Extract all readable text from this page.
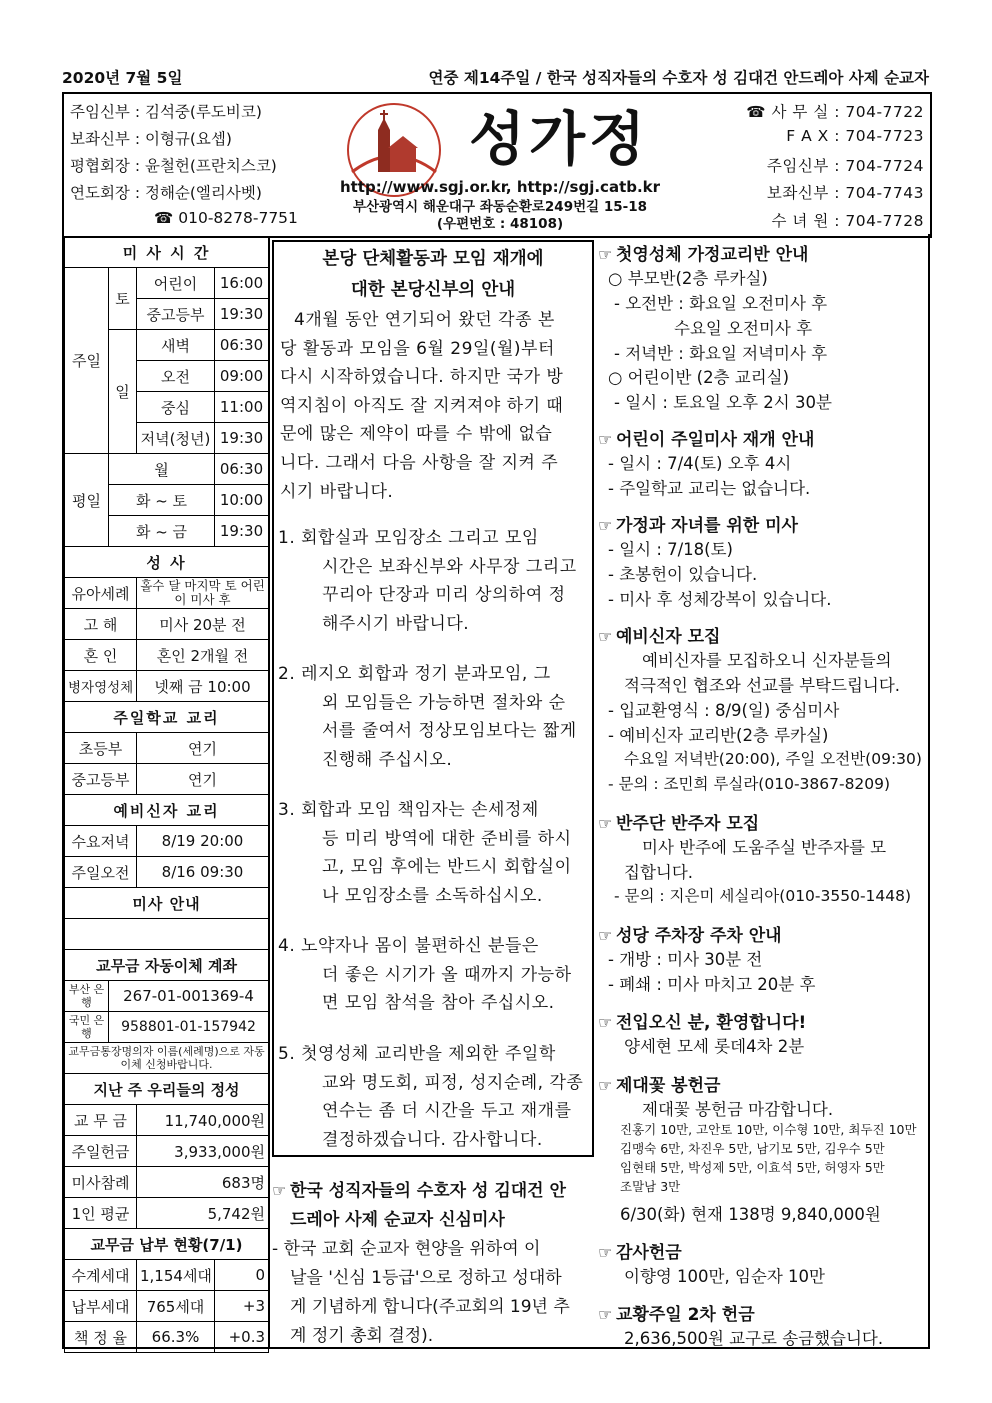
2020년 7월 5일	연중 제14주일 / 한국 성직자들의 수호자 성 김대건 안드레아 사제 순교자
주임신부 : 김석중(루도비코)
보좌신부 : 이형규(요셉)
평협회장 : 윤철헌(프란치스코)
연도회장 : 정해순(엘리사벳)
☎ 010-8278-7751
성가정
http://www.sgj.or.kr, http://sgj.catb.kr
부산광역시 해운대구 좌동순환로249번길 15-18
(우편번호 : 48108)
☎ 사 무 실 : 704-7722
F A X : 704-7723
주임신부 : 704-7724
보좌신부 : 704-7743
수 녀 원 : 704-7728
미 사 시 간			
주일	토	어린이	16:00
		중고등부	19:30
	일	새벽	06:30
		오전	09:00
		중심	11:00
		저녁(청년)	19:30
평일	월		06:30
	화 ~ 토		10:00
	화 ~ 금		19:30
성 사			
유아세례		홀수 달 마지막 토 어린이 미사 후	
고 해		미사 20분 전	
혼 인		혼인 2개월 전	
병자영성체		넷째 금 10:00	
주일학교 교리			
초등부		연기	
중고등부		연기	
예비신자 교리			
수요저녁		8/19 20:00	
주일오전		8/16 09:30	
미사 안내			

교무금 자동이체 계좌			
부산 은행	267-01-001369-4		
국민 은행	958801-01-157942		
교무금통장명의자 이름(세례명)으로 자동이체 신청바랍니다.			
지난 주 우리들의 정성			
교 무 금		11,740,000원	
주일헌금		3,933,000원	
미사참례		683명	
1인 평균		5,742원	
교무금 납부 현황(7/1)			
수계세대		1,154세대	0
납부세대		765세대	+3
책 정 율		66.3%	+0.3
본당 단체활동과 모임 재개에
대한 본당신부의 안내
4개월 동안 연기되어 왔던 각종 본
당 활동과 모임을 6월 29일(월)부터
다시 시작하였습니다. 하지만 국가 방
역지침이 아직도 잘 지켜져야 하기 때
문에 많은 제약이 따를 수 밖에 없습
니다. 그래서 다음 사항을 잘 지켜 주
시기 바랍니다.
1. 회합실과 모임장소 그리고 모임
시간은 보좌신부와 사무장 그리고
꾸리아 단장과 미리 상의하여 정
해주시기 바랍니다.
2. 레지오 회합과 정기 분과모임, 그
외 모임들은 가능하면 절차와 순
서를 줄여서 정상모임보다는 짧게
진행해 주십시오.
3. 회합과 모임 책임자는 손세정제
등 미리 방역에 대한 준비를 하시
고, 모임 후에는 반드시 회합실이
나 모임장소를 소독하십시오.
4. 노약자나 몸이 불편하신 분들은
더 좋은 시기가 올 때까지 가능하
면 모임 참석을 참아 주십시오.
5. 첫영성체 교리반을 제외한 주일학
교와 명도회, 피정, 성지순례, 각종
연수는 좀 더 시간을 두고 재개를
결정하겠습니다. 감사합니다.
☞ 한국 성직자들의 수호자 성 김대건 안
드레아 사제 순교자 신심미사
- 한국 교회 순교자 현양을 위하여 이
날을 '신심 1등급'으로 정하고 성대하
게 기념하게 합니다(주교회의 19년 추
계 정기 총회 결정).
☞ 첫영성체 가정교리반 안내
○ 부모반(2층 루카실)
- 오전반 : 화요일 오전미사 후
수요일 오전미사 후
- 저녁반 : 화요일 저녁미사 후
○ 어린이반 (2층 교리실)
- 일시 : 토요일 오후 2시 30분
☞ 어린이 주일미사 재개 안내
- 일시 : 7/4(토) 오후 4시
- 주일학교 교리는 없습니다.
☞ 가정과 자녀를 위한 미사
- 일시 : 7/18(토)
- 초봉헌이 있습니다.
- 미사 후 성체강복이 있습니다.
☞ 예비신자 모집
예비신자를 모집하오니 신자분들의
적극적인 협조와 선교를 부탁드립니다.
- 입교환영식 : 8/9(일) 중심미사
- 예비신자 교리반(2층 루카실)
수요일 저녁반(20:00), 주일 오전반(09:30)
- 문의 : 조민희 루실라(010-3867-8209)
☞ 반주단 반주자 모집
미사 반주에 도움주실 반주자를 모
집합니다.
- 문의 : 지은미 세실리아(010-3550-1448)
☞ 성당 주차장 주차 안내
- 개방 : 미사 30분 전
- 폐쇄 : 미사 마치고 20분 후
☞ 전입오신 분, 환영합니다!
양세현 모세 롯데4차 2분
☞ 제대꽃 봉헌금
제대꽃 봉헌금 마감합니다.
진홍기 10만, 고안토 10만, 이수형 10만, 최두진 10만
김맹숙 6만, 차진우 5만, 남기모 5만, 김우수 5만
임현태 5만, 박성제 5만, 이효석 5만, 허영자 5만
조말남 3만
6/30(화) 현재 138명 9,840,000원
☞ 감사헌금
이향영 100만, 임순자 10만
☞ 교황주일 2차 헌금
2,636,500원 교구로 송금했습니다.
